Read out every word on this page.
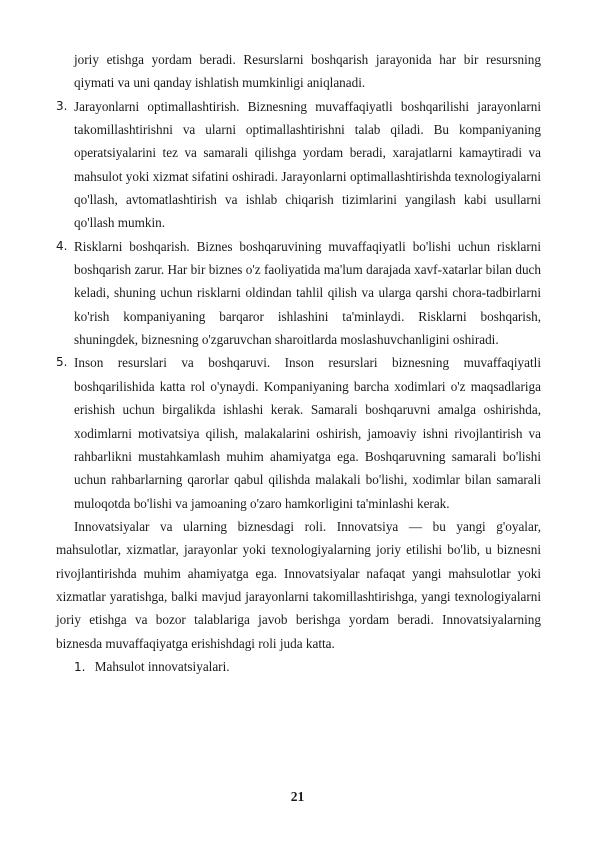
joriy etishga yordam beradi. Resurslarni boshqarish jarayonida har bir resursning qiymati va uni qanday ishlatish mumkinligi aniqlanadi.
3. Jarayonlarni optimallashtirish. Biznesning muvaffaqiyatli boshqarilishi jarayonlarni takomillashtirishni va ularni optimallashtirishni talab qiladi. Bu kompaniyaning operatsiyalarini tez va samarali qilishga yordam beradi, xarajatlarni kamaytiradi va mahsulot yoki xizmat sifatini oshiradi. Jarayonlarni optimallashtirishda texnologiyalarni qo'llash, avtomatlashtirish va ishlab chiqarish tizimlarini yangilash kabi usullarni qo'llash mumkin.
4. Risklarni boshqarish. Biznes boshqaruvining muvaffaqiyatli bo'lishi uchun risklarni boshqarish zarur. Har bir biznes o'z faoliyatida ma'lum darajada xavf-xatarlar bilan duch keladi, shuning uchun risklarni oldindan tahlil qilish va ularga qarshi chora-tadbirlarni ko'rish kompaniyaning barqaror ishlashini ta'minlaydi. Risklarni boshqarish, shuningdek, biznesning o'zgaruvchan sharoitlarda moslashuvchanligini oshiradi.
5. Inson resurslari va boshqaruvi. Inson resurslari biznesning muvaffaqiyatli boshqarilishida katta rol o'ynaydi. Kompaniyaning barcha xodimlari o'z maqsadlariga erishish uchun birgalikda ishlashi kerak. Samarali boshqaruvni amalga oshirishda, xodimlarni motivatsiya qilish, malakalarini oshirish, jamoaviy ishni rivojlantirish va rahbarlikni mustahkamlash muhim ahamiyatga ega. Boshqaruvning samarali bo'lishi uchun rahbarlarning qarorlar qabul qilishda malakali bo'lishi, xodimlar bilan samarali muloqotda bo'lishi va jamoaning o'zaro hamkorligini ta'minlashi kerak.
Innovatsiyalar va ularning biznesdagi roli. Innovatsiya — bu yangi g'oyalar, mahsulotlar, xizmatlar, jarayonlar yoki texnologiyalarning joriy etilishi bo'lib, u biznesni rivojlantirishda muhim ahamiyatga ega. Innovatsiyalar nafaqat yangi mahsulotlar yoki xizmatlar yaratishga, balki mavjud jarayonlarni takomillashtirishga, yangi texnologiyalarni joriy etishga va bozor talablariga javob berishga yordam beradi. Innovatsiyalarning biznesda muvaffaqiyatga erishishdagi roli juda katta.
1. Mahsulot innovatsiyalari.
21
